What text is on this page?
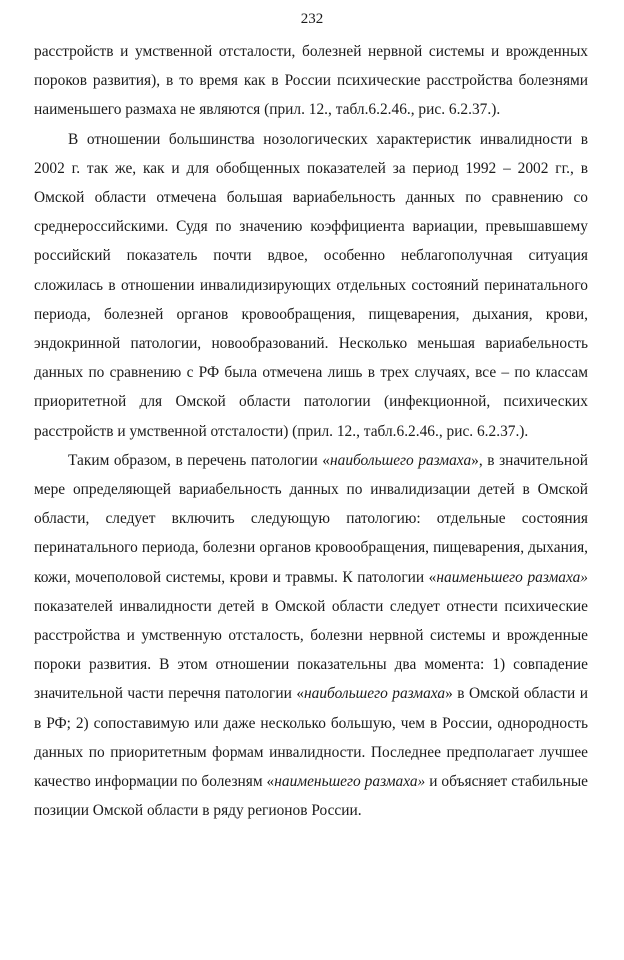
232

расстройств и умственной отсталости, болезней нервной системы и врожденных пороков развития), в то время как в России психические расстройства болезнями наименьшего размаха не являются (прил. 12., табл.6.2.46., рис. 6.2.37.).

В отношении большинства нозологических характеристик инвалидности в 2002 г. так же, как и для обобщенных показателей за период 1992 – 2002 гг., в Омской области отмечена большая вариабельность данных по сравнению со среднероссийскими. Судя по значению коэффициента вариации, превышавшему российский показатель почти вдвое, особенно неблагополучная ситуация сложилась в отношении инвалидизирующих отдельных состояний перинатального периода, болезней органов кровообращения, пищеварения, дыхания, крови, эндокринной патологии, новообразований. Несколько меньшая вариабельность данных по сравнению с РФ была отмечена лишь в трех случаях, все – по классам приоритетной для Омской области патологии (инфекционной, психических расстройств и умственной отсталости) (прил. 12., табл.6.2.46., рис. 6.2.37.).

Таким образом, в перечень патологии «наибольшего размаха», в значительной мере определяющей вариабельность данных по инвалидизации детей в Омской области, следует включить следующую патологию: отдельные состояния перинатального периода, болезни органов кровообращения, пищеварения, дыхания, кожи, мочеполовой системы, крови и травмы. К патологии «наименьшего размаха» показателей инвалидности детей в Омской области следует отнести психические расстройства и умственную отсталость, болезни нервной системы и врожденные пороки развития. В этом отношении показательны два момента: 1) совпадение значительной части перечня патологии «наибольшего размаха» в Омской области и в РФ; 2) сопоставимую или даже несколько большую, чем в России, однородность данных по приоритетным формам инвалидности. Последнее предполагает лучшее качество информации по болезням «наименьшего размаха» и объясняет стабильные позиции Омской области в ряду регионов России.
